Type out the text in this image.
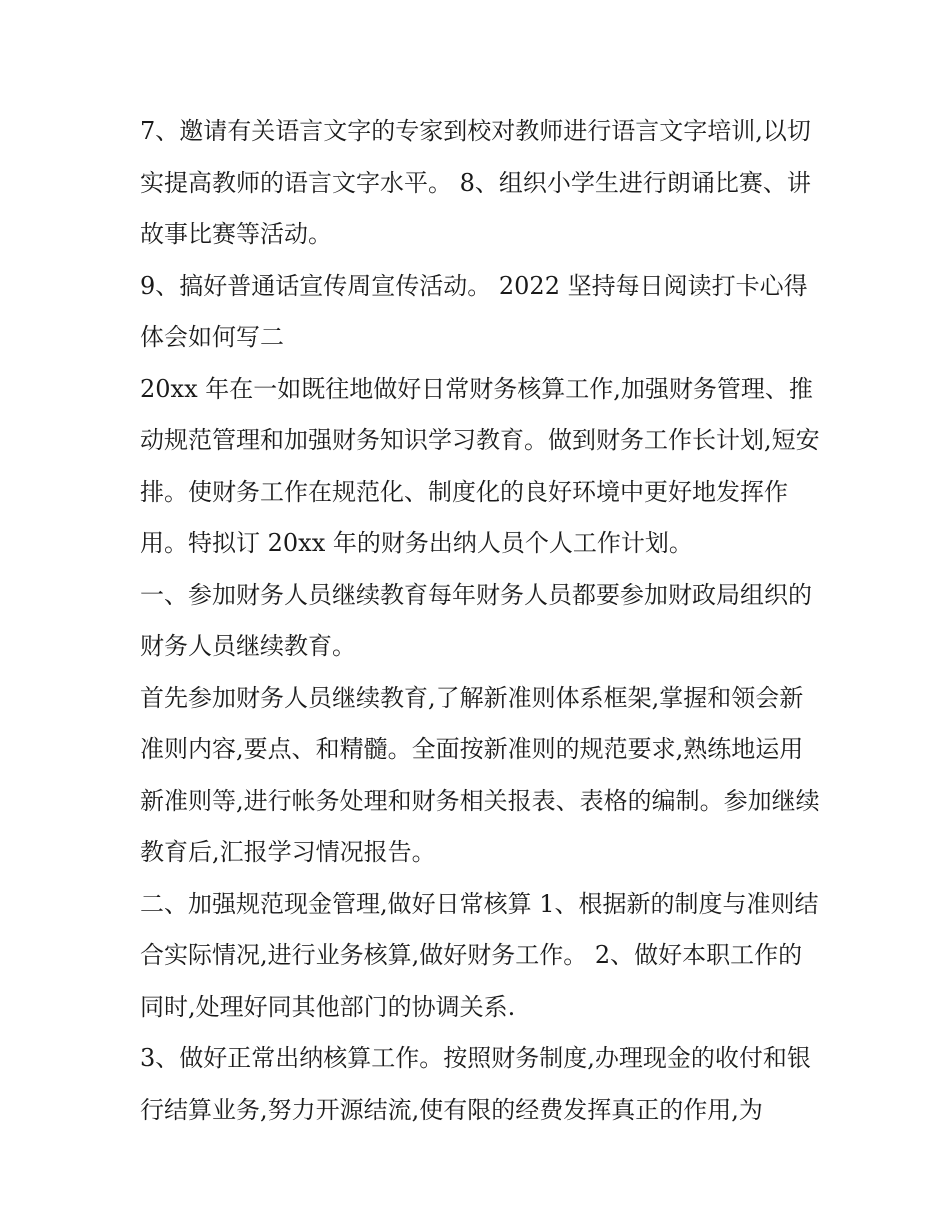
7、邀请有关语言文字的专家到校对教师进行语言文字培训,以切实提高教师的语言文字水平。 8、组织小学生进行朗诵比赛、讲故事比赛等活动。

9、搞好普通话宣传周宣传活动。 2022 坚持每日阅读打卡心得体会如何写二

20xx 年在一如既往地做好日常财务核算工作,加强财务管理、推动规范管理和加强财务知识学习教育。做到财务工作长计划,短安排。使财务工作在规范化、制度化的良好环境中更好地发挥作用。特拟订 20xx 年的财务出纳人员个人工作计划。

一、参加财务人员继续教育每年财务人员都要参加财政局组织的财务人员继续教育。

首先参加财务人员继续教育,了解新准则体系框架,掌握和领会新准则内容,要点、和精髓。全面按新准则的规范要求,熟练地运用新准则等,进行帐务处理和财务相关报表、表格的编制。参加继续教育后,汇报学习情况报告。

二、加强规范现金管理,做好日常核算 1、根据新的制度与准则结合实际情况,进行业务核算,做好财务工作。 2、做好本职工作的同时,处理好同其他部门的协调关系.

3、做好正常出纳核算工作。按照财务制度,办理现金的收付和银行结算业务,努力开源结流,使有限的经费发挥真正的作用,为
